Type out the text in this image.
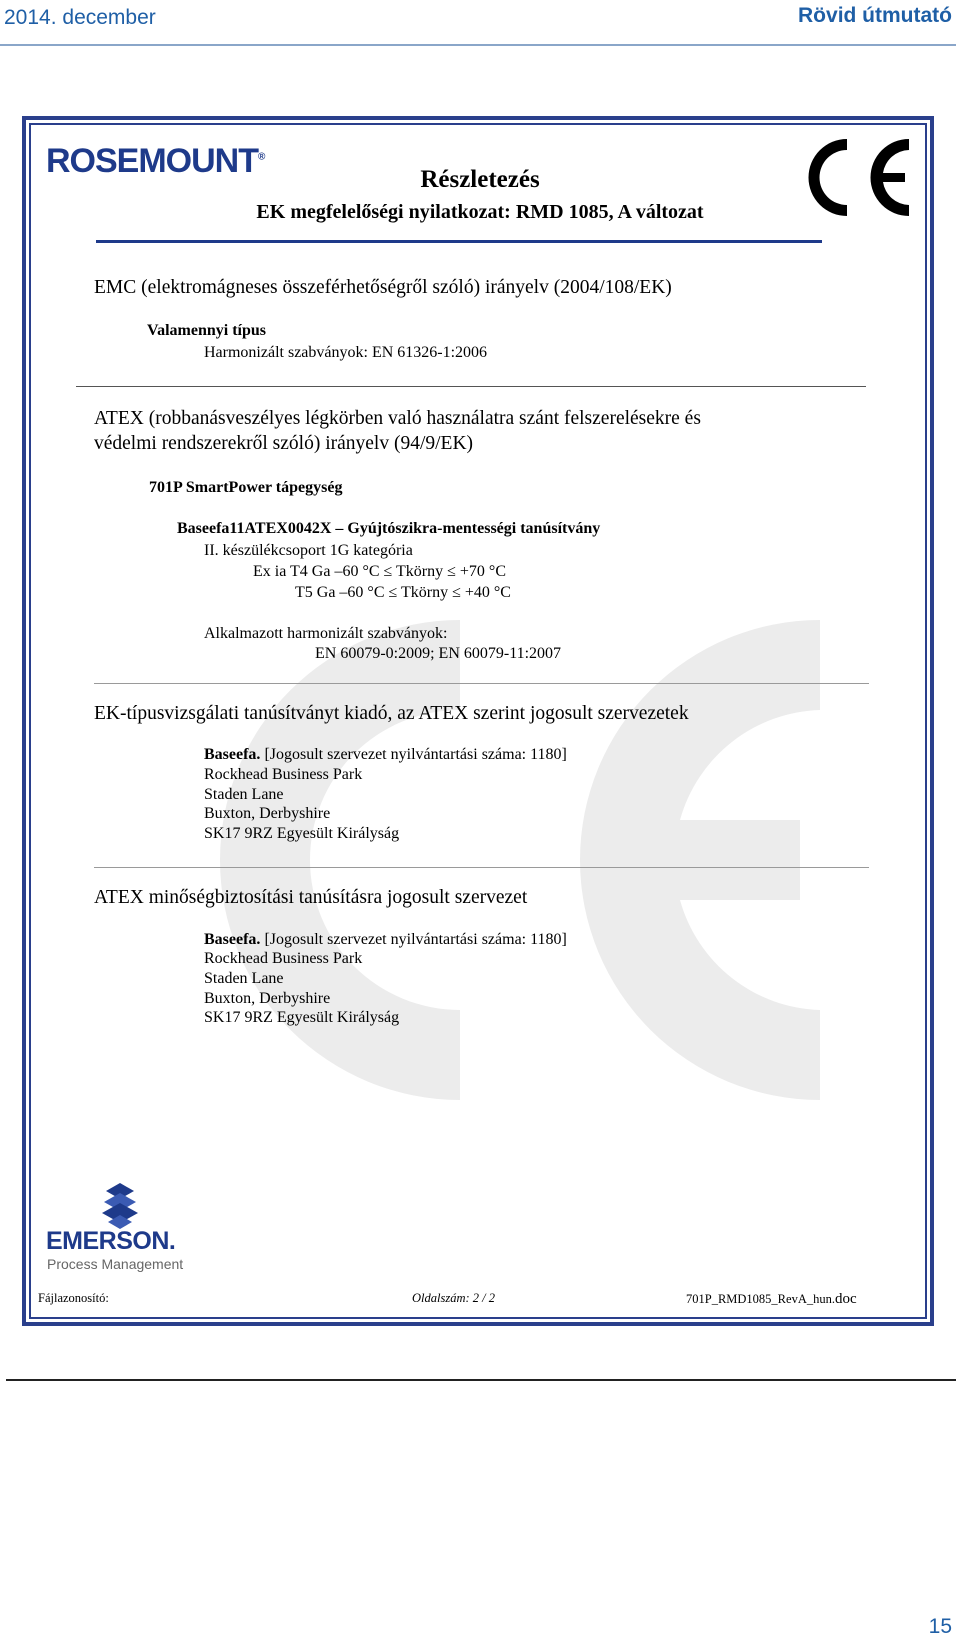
2014. december	Rövid útmutató
ROSEMOUNT®
Részletezés
EK megfelelőségi nyilatkozat: RMD 1085, A változat
EMC (elektromágneses összeférhetőségről szóló) irányelv (2004/108/EK)
Valamennyi típus
Harmonizált szabványok: EN 61326-1:2006
ATEX (robbanásveszélyes légkörben való használatra szánt felszerelésekre és
védelmi rendszerekről szóló) irányelv (94/9/EK)
701P SmartPower tápegység
Baseefa11ATEX0042X – Gyújtószikra-mentességi tanúsítvány
II. készülékcsoport 1G kategória
Ex ia T4 Ga –60 °C ≤ Tkörny ≤ +70 °C
T5 Ga –60 °C ≤ Tkörny ≤ +40 °C
Alkalmazott harmonizált szabványok:
EN 60079-0:2009; EN 60079-11:2007
EK-típusvizsgálati tanúsítványt kiadó, az ATEX szerint jogosult szervezetek
Baseefa. [Jogosult szervezet nyilvántartási száma: 1180]
Rockhead Business Park
Staden Lane
Buxton, Derbyshire
SK17 9RZ Egyesült Királyság
ATEX minőségbiztosítási tanúsításra jogosult szervezet
Baseefa. [Jogosult szervezet nyilvántartási száma: 1180]
Rockhead Business Park
Staden Lane
Buxton, Derbyshire
SK17 9RZ Egyesült Királyság
EMERSON.
Process Management
Fájlazonosító:	Oldalszám: 2 / 2	701P_RMD1085_RevA_hun.doc
15
